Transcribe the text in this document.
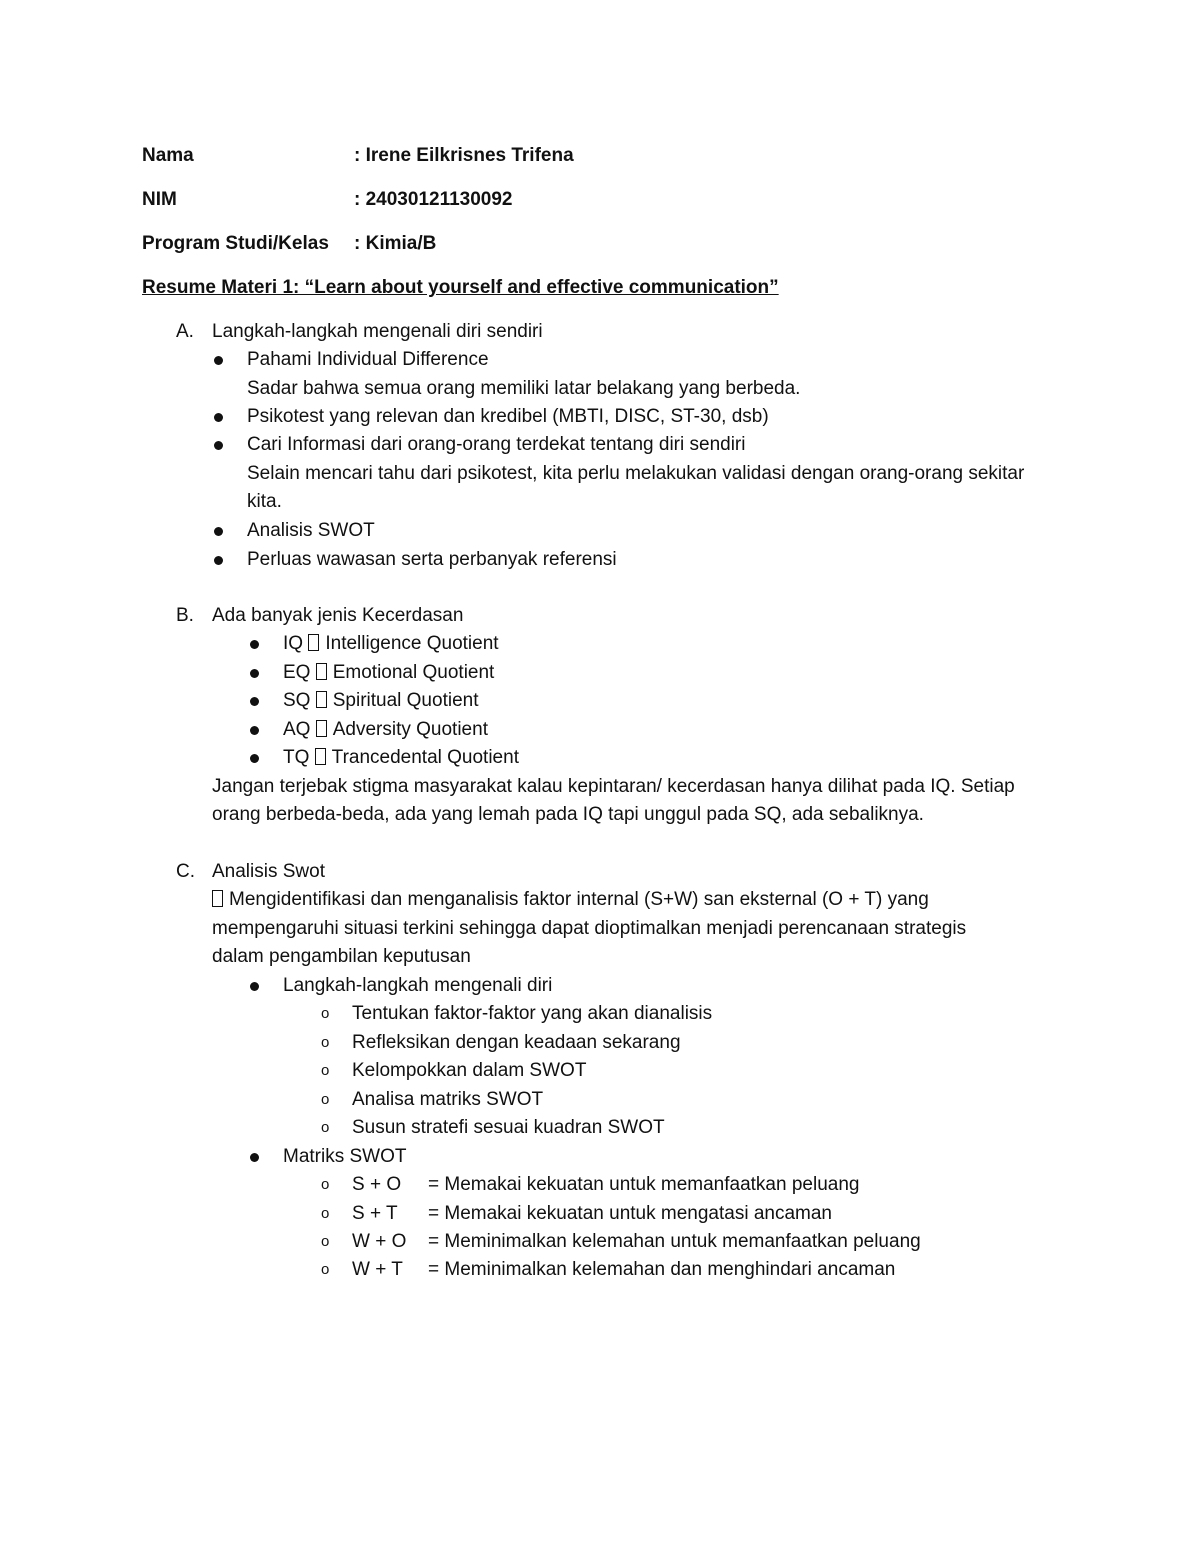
Nama	: Irene Eilkrisnes Trifena
NIM	: 24030121130092
Program Studi/Kelas : Kimia/B
Resume Materi 1: “Learn about yourself and effective communication”
A. Langkah-langkah mengenali diri sendiri
Pahami Individual Difference
Sadar bahwa semua orang memiliki latar belakang yang berbeda.
Psikotest yang relevan dan kredibel (MBTI, DISC, ST-30, dsb)
Cari Informasi dari orang-orang terdekat tentang diri sendiri
Selain mencari tahu dari psikotest, kita perlu melakukan validasi dengan orang-orang sekitar
kita.
Analisis SWOT
Perluas wawasan serta perbanyak referensi
B. Ada banyak jenis Kecerdasan
IQ Intelligence Quotient
EQ Emotional Quotient
SQ Spiritual Quotient
AQ Adversity Quotient
TQ Trancedental Quotient
Jangan terjebak stigma masyarakat kalau kepintaran/ kecerdasan hanya dilihat pada IQ. Setiap
orang berbeda-beda, ada yang lemah pada IQ tapi unggul pada SQ, ada sebaliknya.
C. Analisis Swot
Mengidentifikasi dan menganalisis faktor internal (S+W) san eksternal (O + T) yang
mempengaruhi situasi terkini sehingga dapat dioptimalkan menjadi perencanaan strategis
dalam pengambilan keputusan
Langkah-langkah mengenali diri
o Tentukan faktor-faktor yang akan dianalisis
o Refleksikan dengan keadaan sekarang
o Kelompokkan dalam SWOT
o Analisa matriks SWOT
o Susun stratefi sesuai kuadran SWOT
Matriks SWOT
o S + O = Memakai kekuatan untuk memanfaatkan peluang
o S + T = Memakai kekuatan untuk mengatasi ancaman
o W + O = Meminimalkan kelemahan untuk memanfaatkan peluang
o W + T = Meminimalkan kelemahan dan menghindari ancaman
